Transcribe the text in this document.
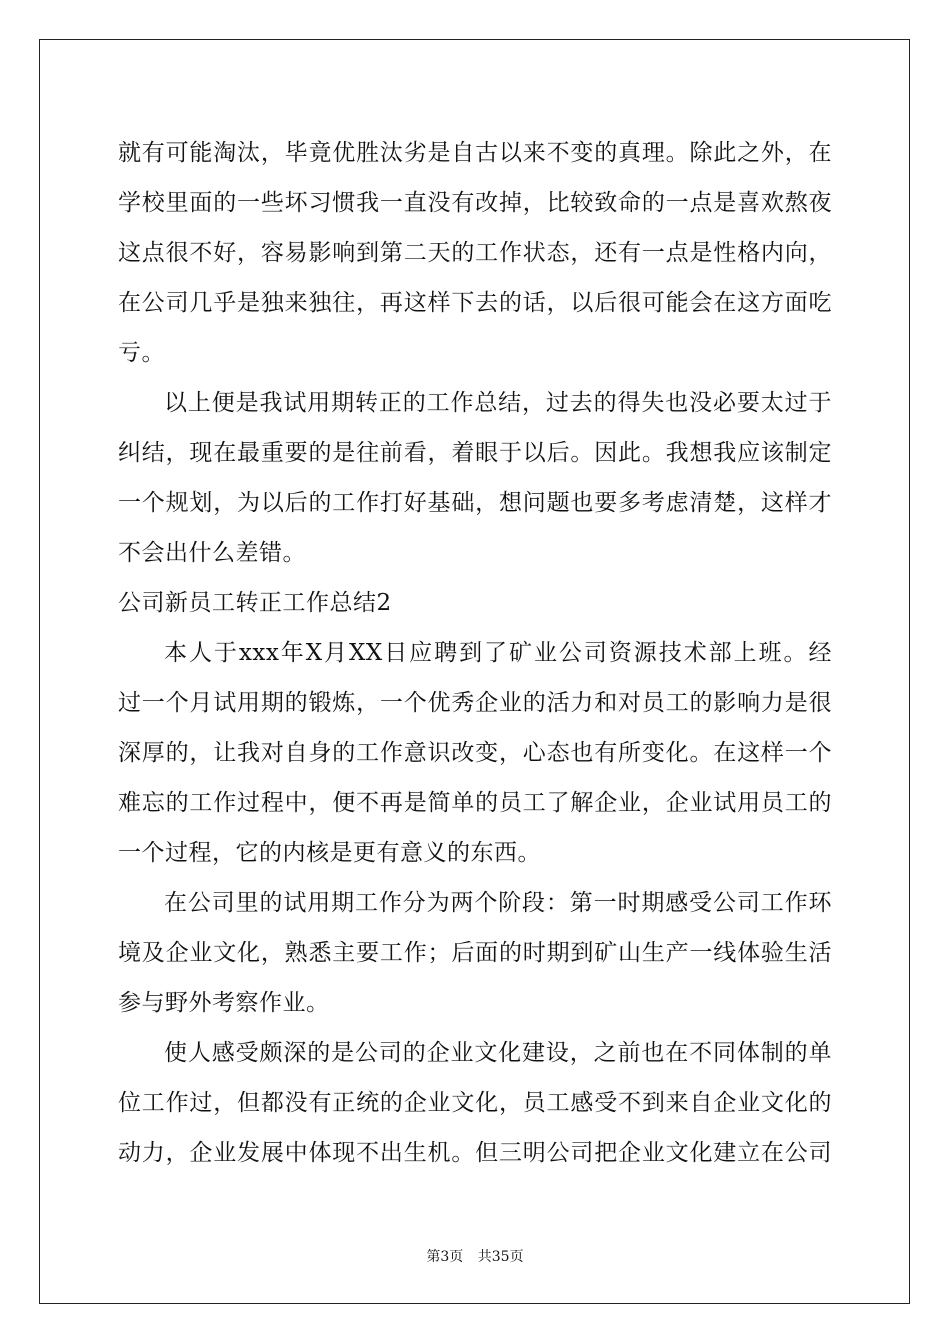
就有可能淘汰，毕竟优胜汰劣是自古以来不变的真理。除此之外，在
学校里面的一些坏习惯我一直没有改掉，比较致命的一点是喜欢熬夜
这点很不好，容易影响到第二天的工作状态，还有一点是性格内向，
在公司几乎是独来独往，再这样下去的话，以后很可能会在这方面吃
亏。
以上便是我试用期转正的工作总结，过去的得失也没必要太过于
纠结，现在最重要的是往前看，着眼于以后。因此。我想我应该制定
一个规划，为以后的工作打好基础，想问题也要多考虑清楚，这样才
不会出什么差错。
公司新员工转正工作总结2
本人于xxx年X月XX日应聘到了矿业公司资源技术部上班。经
过一个月试用期的锻炼，一个优秀企业的活力和对员工的影响力是很
深厚的，让我对自身的工作意识改变，心态也有所变化。在这样一个
难忘的工作过程中，便不再是简单的员工了解企业，企业试用员工的
一个过程，它的内核是更有意义的东西。
在公司里的试用期工作分为两个阶段：第一时期感受公司工作环
境及企业文化，熟悉主要工作；后面的时期到矿山生产一线体验生活
参与野外考察作业。
使人感受颇深的是公司的企业文化建设，之前也在不同体制的单
位工作过，但都没有正统的企业文化，员工感受不到来自企业文化的
动力，企业发展中体现不出生机。但三明公司把企业文化建立在公司
第3页 共35页
